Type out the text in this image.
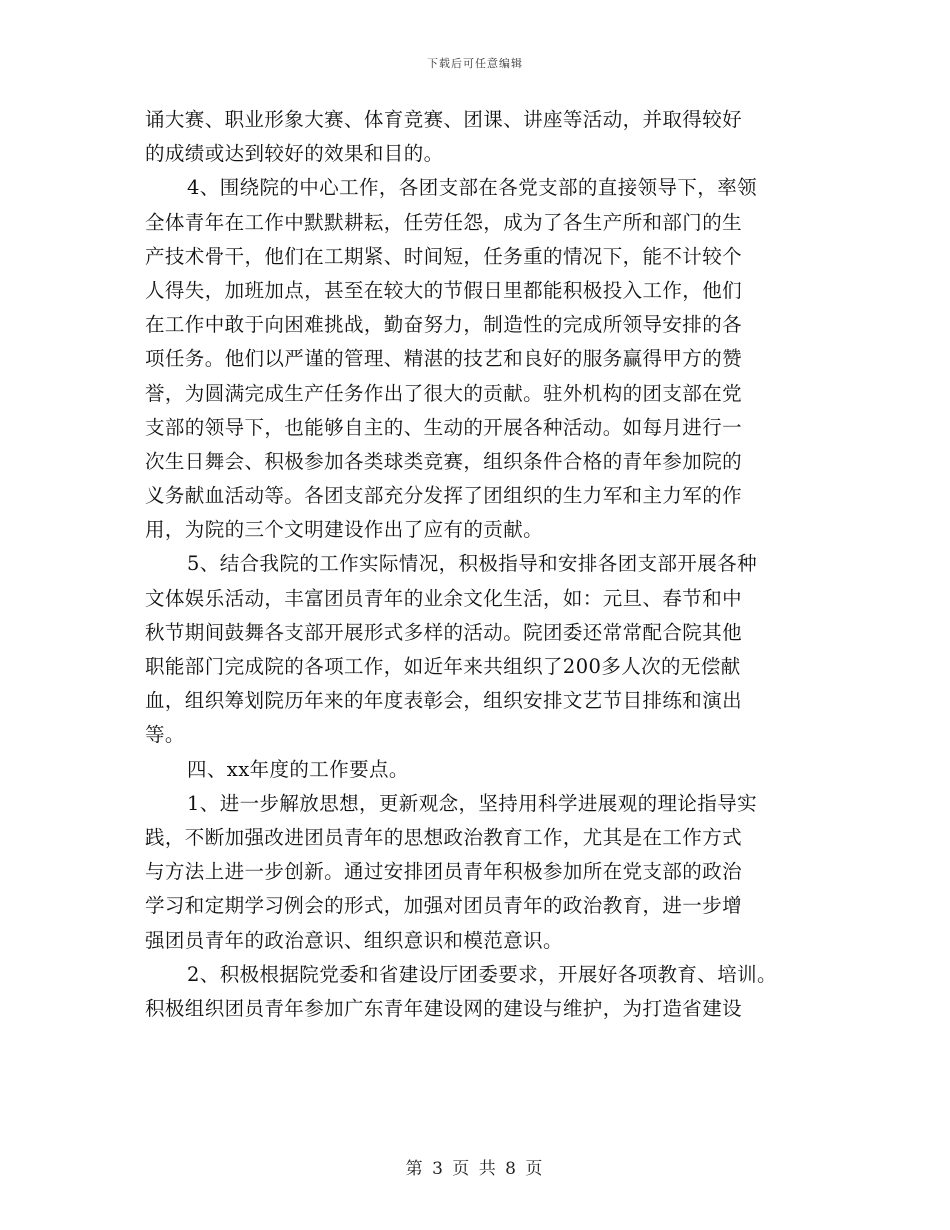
下载后可任意编辑
诵大赛、职业形象大赛、体育竞赛、团课、讲座等活动，并取得较好
的成绩或达到较好的效果和目的。
4、围绕院的中心工作，各团支部在各党支部的直接领导下，率领
全体青年在工作中默默耕耘，任劳任怨，成为了各生产所和部门的生
产技术骨干，他们在工期紧、时间短，任务重的情况下，能不计较个
人得失，加班加点，甚至在较大的节假日里都能积极投入工作，他们
在工作中敢于向困难挑战，勤奋努力，制造性的完成所领导安排的各
项任务。他们以严谨的管理、精湛的技艺和良好的服务赢得甲方的赞
誉，为圆满完成生产任务作出了很大的贡献。驻外机构的团支部在党
支部的领导下，也能够自主的、生动的开展各种活动。如每月进行一
次生日舞会、积极参加各类球类竞赛，组织条件合格的青年参加院的
义务献血活动等。各团支部充分发挥了团组织的生力军和主力军的作
用，为院的三个文明建设作出了应有的贡献。
5、结合我院的工作实际情况，积极指导和安排各团支部开展各种
文体娱乐活动，丰富团员青年的业余文化生活，如：元旦、春节和中
秋节期间鼓舞各支部开展形式多样的活动。院团委还常常配合院其他
职能部门完成院的各项工作，如近年来共组织了200多人次的无偿献
血，组织筹划院历年来的年度表彰会，组织安排文艺节目排练和演出
等。
四、xx年度的工作要点。
1、进一步解放思想，更新观念，坚持用科学进展观的理论指导实
践，不断加强改进团员青年的思想政治教育工作，尤其是在工作方式
与方法上进一步创新。通过安排团员青年积极参加所在党支部的政治
学习和定期学习例会的形式，加强对团员青年的政治教育，进一步增
强团员青年的政治意识、组织意识和模范意识。
2、积极根据院党委和省建设厅团委要求，开展好各项教育、培训。
积极组织团员青年参加广东青年建设网的建设与维护，为打造省建设
第 3 页 共 8 页
